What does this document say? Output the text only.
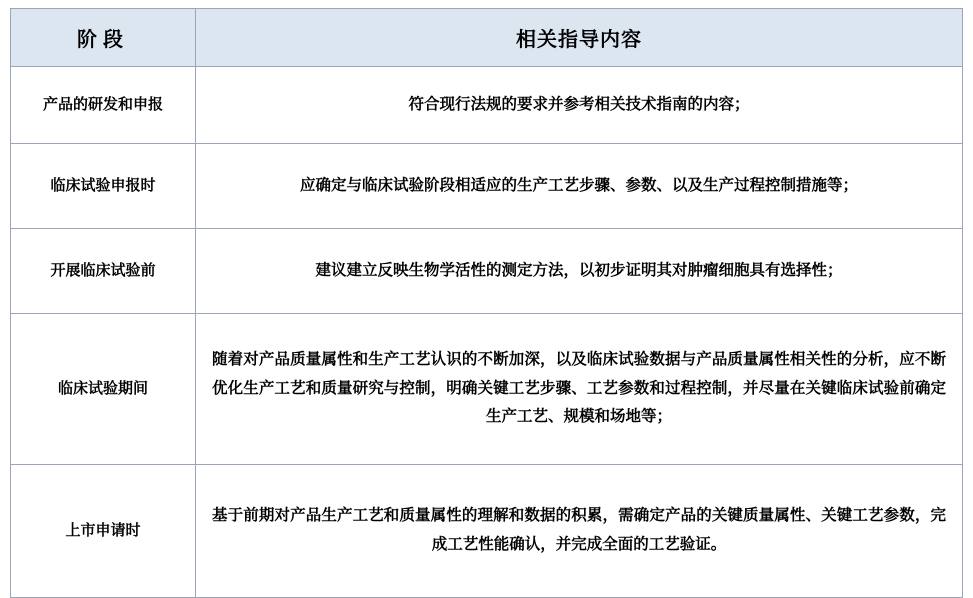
阶段	相关指导内容
产品的研发和申报	符合现行法规的要求并参考相关技术指南的内容；
临床试验申报时	应确定与临床试验阶段相适应的生产工艺步骤、参数、以及生产过程控制措施等；
开展临床试验前	建议建立反映生物学活性的测定方法，以初步证明其对肿瘤细胞具有选择性；
临床试验期间	随着对产品质量属性和生产工艺认识的不断加深，以及临床试验数据与产品质量属性相关性的分析，应不断优化生产工艺和质量研究与控制，明确关键工艺步骤、工艺参数和过程控制，并尽量在关键临床试验前确定生产工艺、规模和场地等；
上市申请时	基于前期对产品生产工艺和质量属性的理解和数据的积累，需确定产品的关键质量属性、关键工艺参数，完成工艺性能确认，并完成全面的工艺验证。
